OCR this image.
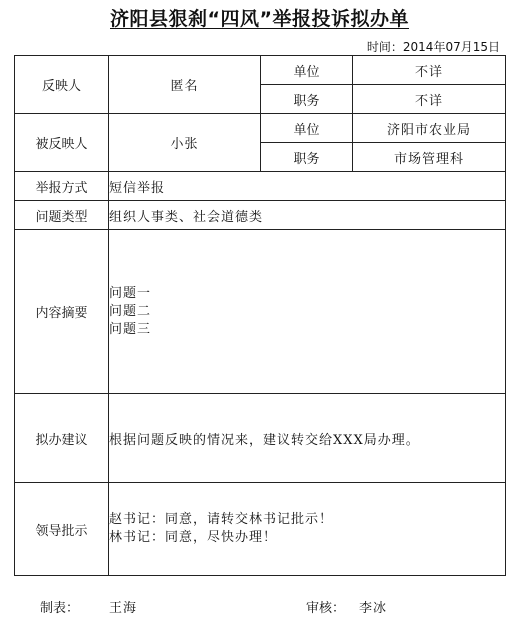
济阳县狠刹“四风”举报投诉拟办单
时间：2014年07月15日
反映人	匿名	单位	不详
		职务	不详
被反映人	小张	单位	济阳市农业局
		职务	市场管理科
举报方式	短信举报		
问题类型	组织人事类、社会道德类		
内容摘要	问题一
问题二
问题三		

拟办建议	根据问题反映的情况来，建议转交给XXX局办理。		
领导批示	赵书记：同意，请转交林书记批示！
林书记：同意，尽快办理！		
制表： 王海	审核： 李冰
